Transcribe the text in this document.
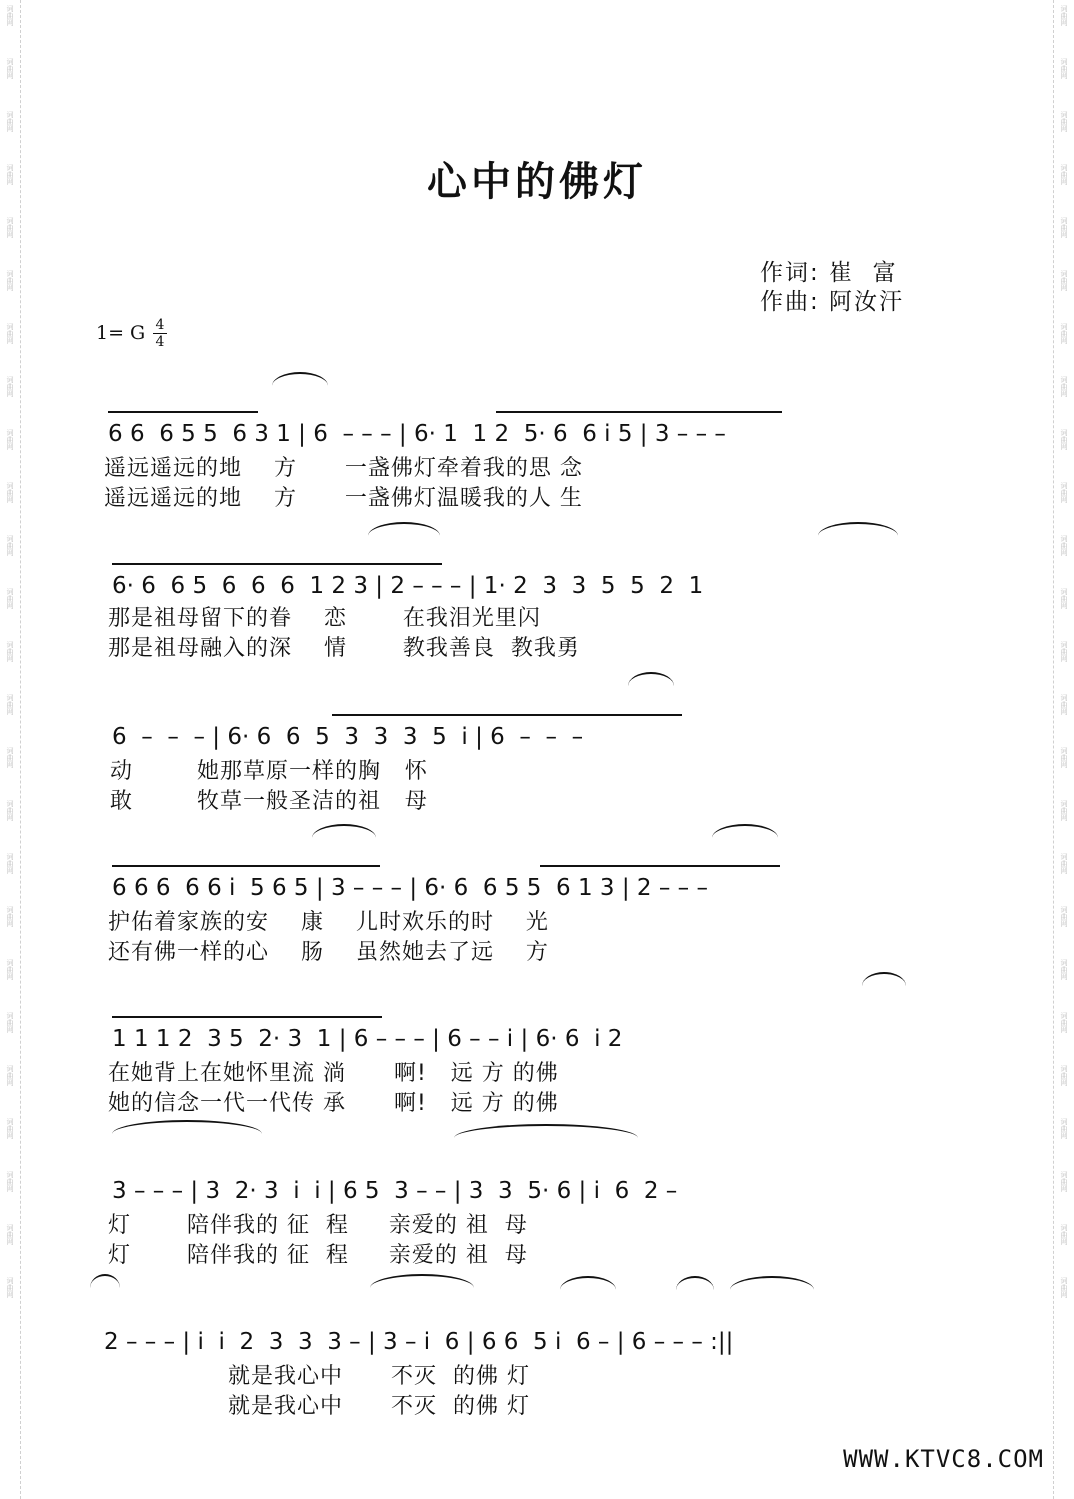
词曲网
词曲网
词曲网
词曲网
词曲网
词曲网
词曲网
词曲网
词曲网
词曲网
词曲网
词曲网
词曲网
词曲网
词曲网
词曲网
词曲网
词曲网
词曲网
词曲网
词曲网
词曲网
词曲网
词曲网
词曲网
词曲网
词曲网
词曲网
词曲网
词曲网
词曲网
词曲网
词曲网
词曲网
词曲网
词曲网
词曲网
词曲网
词曲网
词曲网
词曲网
词曲网
词曲网
词曲网
词曲网
词曲网
词曲网
词曲网
词曲网
词曲网
心中的佛灯
作词: 崔  富
作曲: 阿汝汗
1= G 4
4

6 6  6 5 5  6 3 1 | 6  – – – | 6· 1  1 2  5· 6  6 i 5 | 3 – – –

遥远遥远的地    方      一盏佛灯牵着我的思 念

遥远遥远的地    方      一盏佛灯温暖我的人 生

6· 6  6 5  6  6  6  1 2 3 | 2 – – – | 1· 2  3  3  5  5  2  1

那是祖母留下的眷    恋       在我泪光里闪

那是祖母融入的深    情       教我善良  教我勇

6  –  –  – | 6· 6  6  5  3  3  3  5  i | 6  –  –  –

动        她那草原一样的胸   怀

敢        牧草一般圣洁的祖   母

6 6 6  6 6 i  5 6 5 | 3 – – – | 6· 6  6 5 5  6 1 3 | 2 – – –

护佑着家族的安    康    儿时欢乐的时    光

还有佛一样的心    肠    虽然她去了远    方

1 1 1 2  3 5  2· 3  1 | 6 – – – | 6 – – i | 6· 6  i 2

在她背上在她怀里流 淌      啊!   远 方 的佛

她的信念一代一代传 承      啊!   远 方 的佛

3 – – – | 3  2· 3  i  i | 6 5  3 – – | 3  3  5· 6 | i  6  2 –

灯       陪伴我的 征  程     亲爱的 祖  母

灯       陪伴我的 征  程     亲爱的 祖  母

2 – – – | i  i  2  3  3  3 – | 3 – i  6 | 6 6  5 i  6 – | 6 – – – :||

就是我心中      不灭  的佛 灯

就是我心中      不灭  的佛 灯

WWW.KTVC8.COM
